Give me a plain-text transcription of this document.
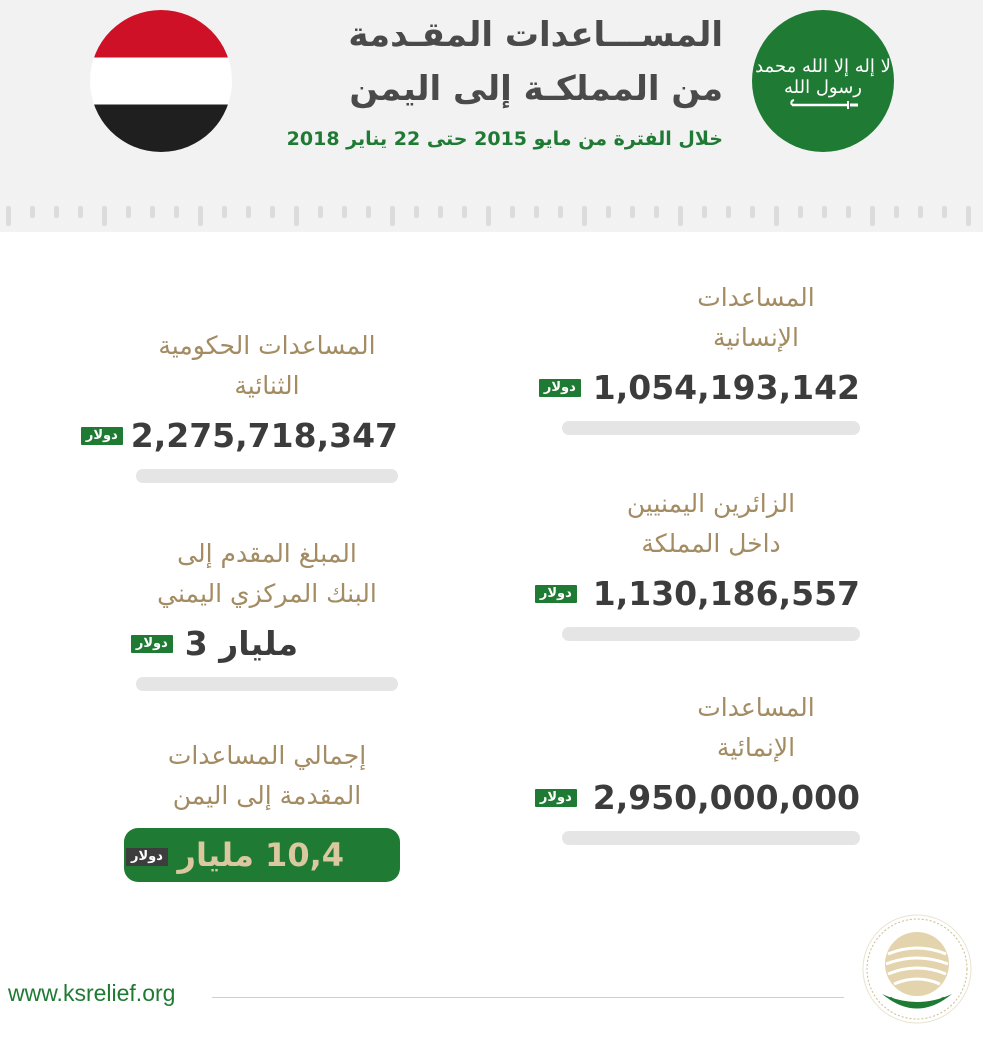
لا إله إلا الله محمد رسول الله
المســـاعدات المقـدمة
من المملكـة إلى اليمن

خلال الفترة من مايو 2015 حتى 22 يناير 2018

المساعدات
الإنسانية

1,054,193,142
دولار

الزائرين اليمنيين
داخل المملكة

1,130,186,557
دولار

المساعدات
الإنمائية

2,950,000,000
دولار

المساعدات الحكومية
الثنائية

2,275,718,347
دولار

المبلغ المقدم إلى
البنك المركزي اليمني

3 مليار
دولار

إجمالي المساعدات
المقدمة إلى اليمن

10,4 مليار
دولار
www.ksrelief.org
